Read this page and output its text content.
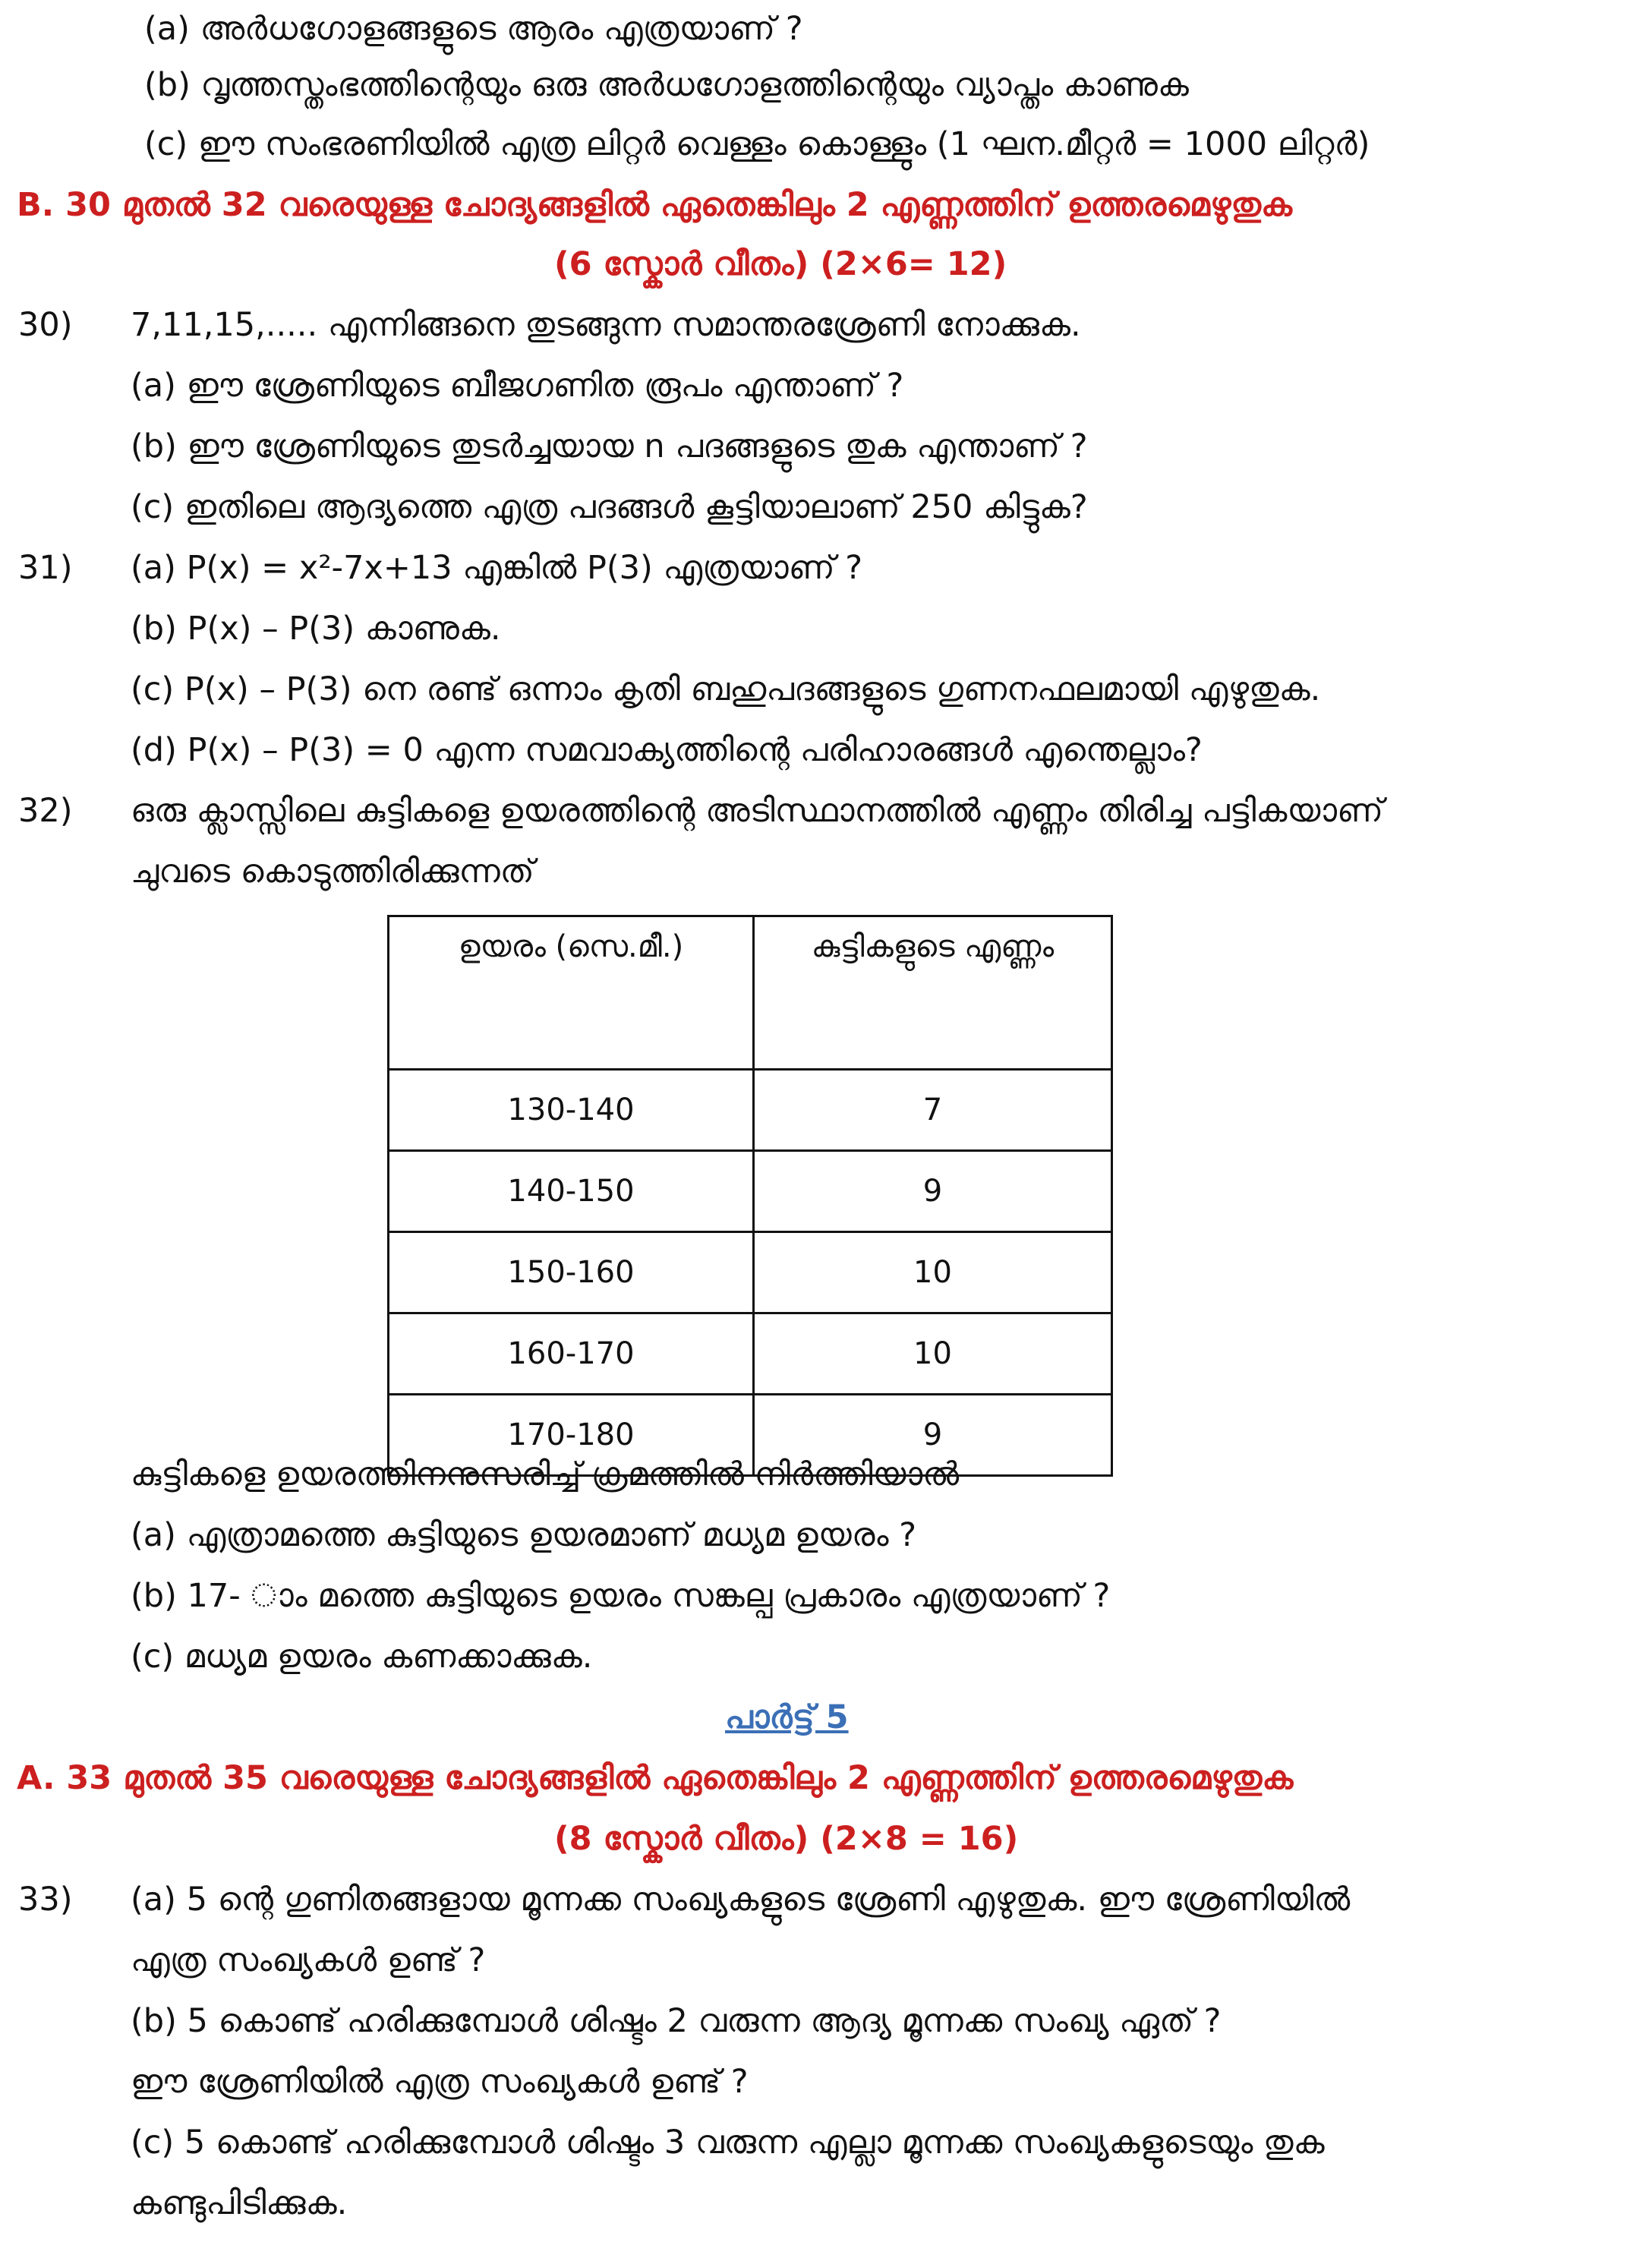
(a) അർധഗോളങ്ങളുടെ ആരം എത്രയാണ് ?
(b) വൃത്തസ്തംഭത്തിന്റെയും ഒരു അർധഗോളത്തിന്റെയും വ്യാപ്തം കാണുക
(c) ഈ സംഭരണിയിൽ എത്ര ലിറ്റർ വെള്ളം കൊള്ളും (1 ഘന.മീറ്റർ = 1000 ലിറ്റർ)
B. 30 മുതൽ 32 വരെയുള്ള ചോദ്യങ്ങളിൽ ഏതെങ്കിലും 2 എണ്ണത്തിന് ഉത്തരമെഴുതുക
(6 സ്കോർ വീതം) (2×6= 12)
30) 7,11,15,..... എന്നിങ്ങനെ തുടങ്ങുന്ന സമാന്തരശ്രേണി നോക്കുക.
(a) ഈ ശ്രേണിയുടെ ബീജഗണിത രൂപം എന്താണ് ?
(b) ഈ ശ്രേണിയുടെ തുടർച്ചയായ n പദങ്ങളുടെ തുക എന്താണ് ?
(c) ഇതിലെ ആദ്യത്തെ എത്ര പദങ്ങൾ കൂട്ടിയാലാണ് 250 കിട്ടുക?
31) (a) P(x) = x²-7x+13 എങ്കിൽ P(3) എത്രയാണ് ?
(b) P(x) – P(3) കാണുക.
(c) P(x) – P(3) നെ രണ്ട് ഒന്നാം കൃതി ബഹുപദങ്ങളുടെ ഗുണനഫലമായി എഴുതുക.
(d) P(x) – P(3) = 0 എന്ന സമവാക്യത്തിന്റെ പരിഹാരങ്ങൾ എന്തെല്ലാം?
32) ഒരു ക്ലാസ്സിലെ കുട്ടികളെ ഉയരത്തിന്റെ അടിസ്ഥാനത്തിൽ എണ്ണം തിരിച്ച പട്ടികയാണ്
ചുവടെ കൊടുത്തിരിക്കുന്നത്
ഉയരം (സെ.മീ.)	കുട്ടികളുടെ എണ്ണം
130-140	7
140-150	9
150-160	10
160-170	10
170-180	9
കുട്ടികളെ ഉയരത്തിനനുസരിച്ച് ക്രമത്തിൽ നിർത്തിയാൽ
(a) എത്രാമത്തെ കുട്ടിയുടെ ഉയരമാണ് മധ്യമ ഉയരം ?
(b) 17- ാം മത്തെ കുട്ടിയുടെ ഉയരം സങ്കല്പ പ്രകാരം എത്രയാണ് ?
(c) മധ്യമ ഉയരം കണക്കാക്കുക.
പാർട്ട് 5
A. 33 മുതൽ 35 വരെയുള്ള ചോദ്യങ്ങളിൽ ഏതെങ്കിലും 2 എണ്ണത്തിന് ഉത്തരമെഴുതുക
(8 സ്കോർ വീതം) (2×8 = 16)
33) (a) 5 ന്റെ ഗുണിതങ്ങളായ മൂന്നക്ക സംഖ്യകളുടെ ശ്രേണി എഴുതുക. ഈ ശ്രേണിയിൽ
എത്ര സംഖ്യകൾ ഉണ്ട് ?
(b) 5 കൊണ്ട് ഹരിക്കുമ്പോൾ ശിഷ്ടം 2 വരുന്ന ആദ്യ മൂന്നക്ക സംഖ്യ ഏത് ?
ഈ ശ്രേണിയിൽ എത്ര സംഖ്യകൾ ഉണ്ട് ?
(c) 5 കൊണ്ട് ഹരിക്കുമ്പോൾ ശിഷ്ടം 3 വരുന്ന എല്ലാ മൂന്നക്ക സംഖ്യകളുടെയും തുക
കണ്ടുപിടിക്കുക.
